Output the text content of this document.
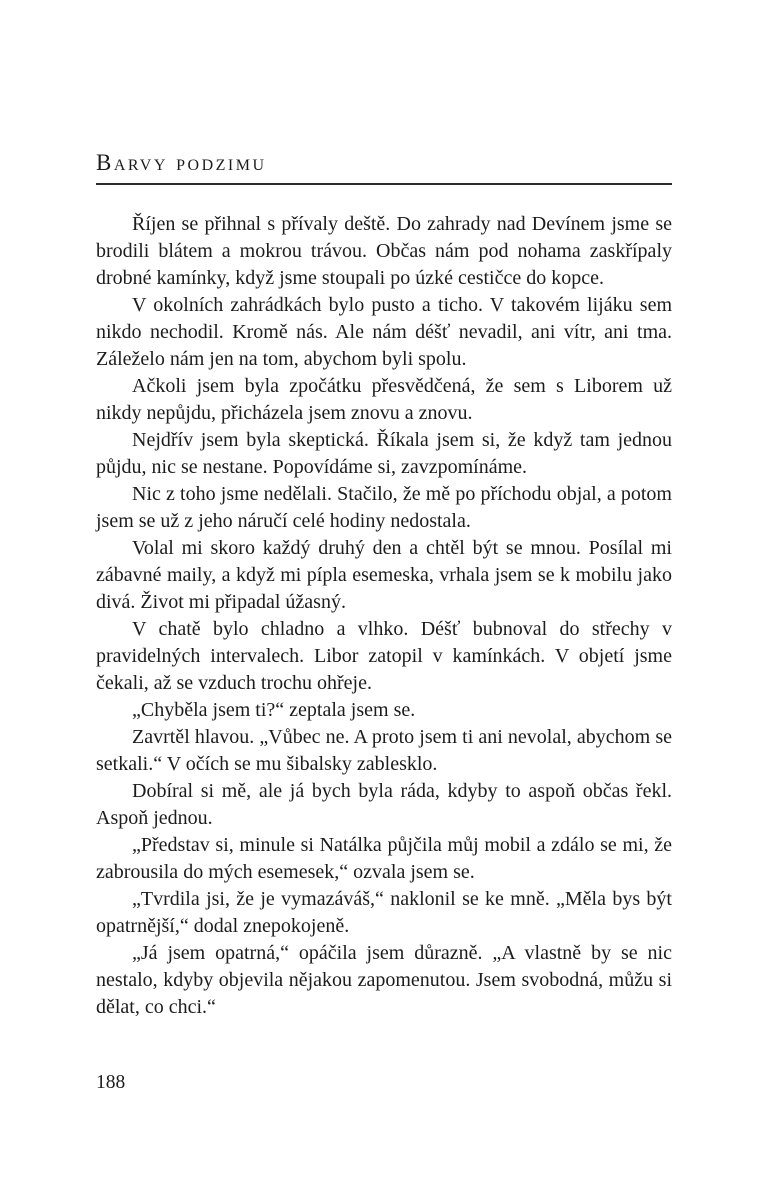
Barvy podzimu

Říjen se přihnal s přívaly deště. Do zahrady nad Devínem jsme se brodili blátem a mokrou trávou. Občas nám pod nohama zaskřípaly drobné kamínky, když jsme stoupali po úzké cestičce do kopce.

V okolních zahrádkách bylo pusto a ticho. V takovém lijáku sem nikdo nechodil. Kromě nás. Ale nám déšť nevadil, ani vítr, ani tma. Záleželo nám jen na tom, abychom byli spolu.

Ačkoli jsem byla zpočátku přesvědčená, že sem s Liborem už nikdy nepůjdu, přicházela jsem znovu a znovu.

Nejdřív jsem byla skeptická. Říkala jsem si, že když tam jednou půjdu, nic se nestane. Popovídáme si, zavzpomínáme.

Nic z toho jsme nedělali. Stačilo, že mě po příchodu objal, a potom jsem se už z jeho náručí celé hodiny nedostala.

Volal mi skoro každý druhý den a chtěl být se mnou. Posílal mi zábavné maily, a když mi pípla esemeska, vrhala jsem se k mobilu jako divá. Život mi připadal úžasný.

V chatě bylo chladno a vlhko. Déšť bubnoval do střechy v pravidelných intervalech. Libor zatopil v kamínkách. V objetí jsme čekali, až se vzduch trochu ohřeje.

„Chyběla jsem ti?“ zeptala jsem se.

Zavrtěl hlavou. „Vůbec ne. A proto jsem ti ani nevolal, abychom se setkali.“ V očích se mu šibalsky zablesklo.

Dobíral si mě, ale já bych byla ráda, kdyby to aspoň občas řekl. Aspoň jednou.

„Představ si, minule si Natálka půjčila můj mobil a zdálo se mi, že zabrousila do mých esemesek,“ ozvala jsem se.

„Tvrdila jsi, že je vymazáváš,“ naklonil se ke mně. „Měla bys být opatrnější,“ dodal znepokojeně.

„Já jsem opatrná,“ opáčila jsem důrazně. „A vlastně by se nic nestalo, kdyby objevila nějakou zapomenutou. Jsem svobodná, můžu si dělat, co chci.“

188
